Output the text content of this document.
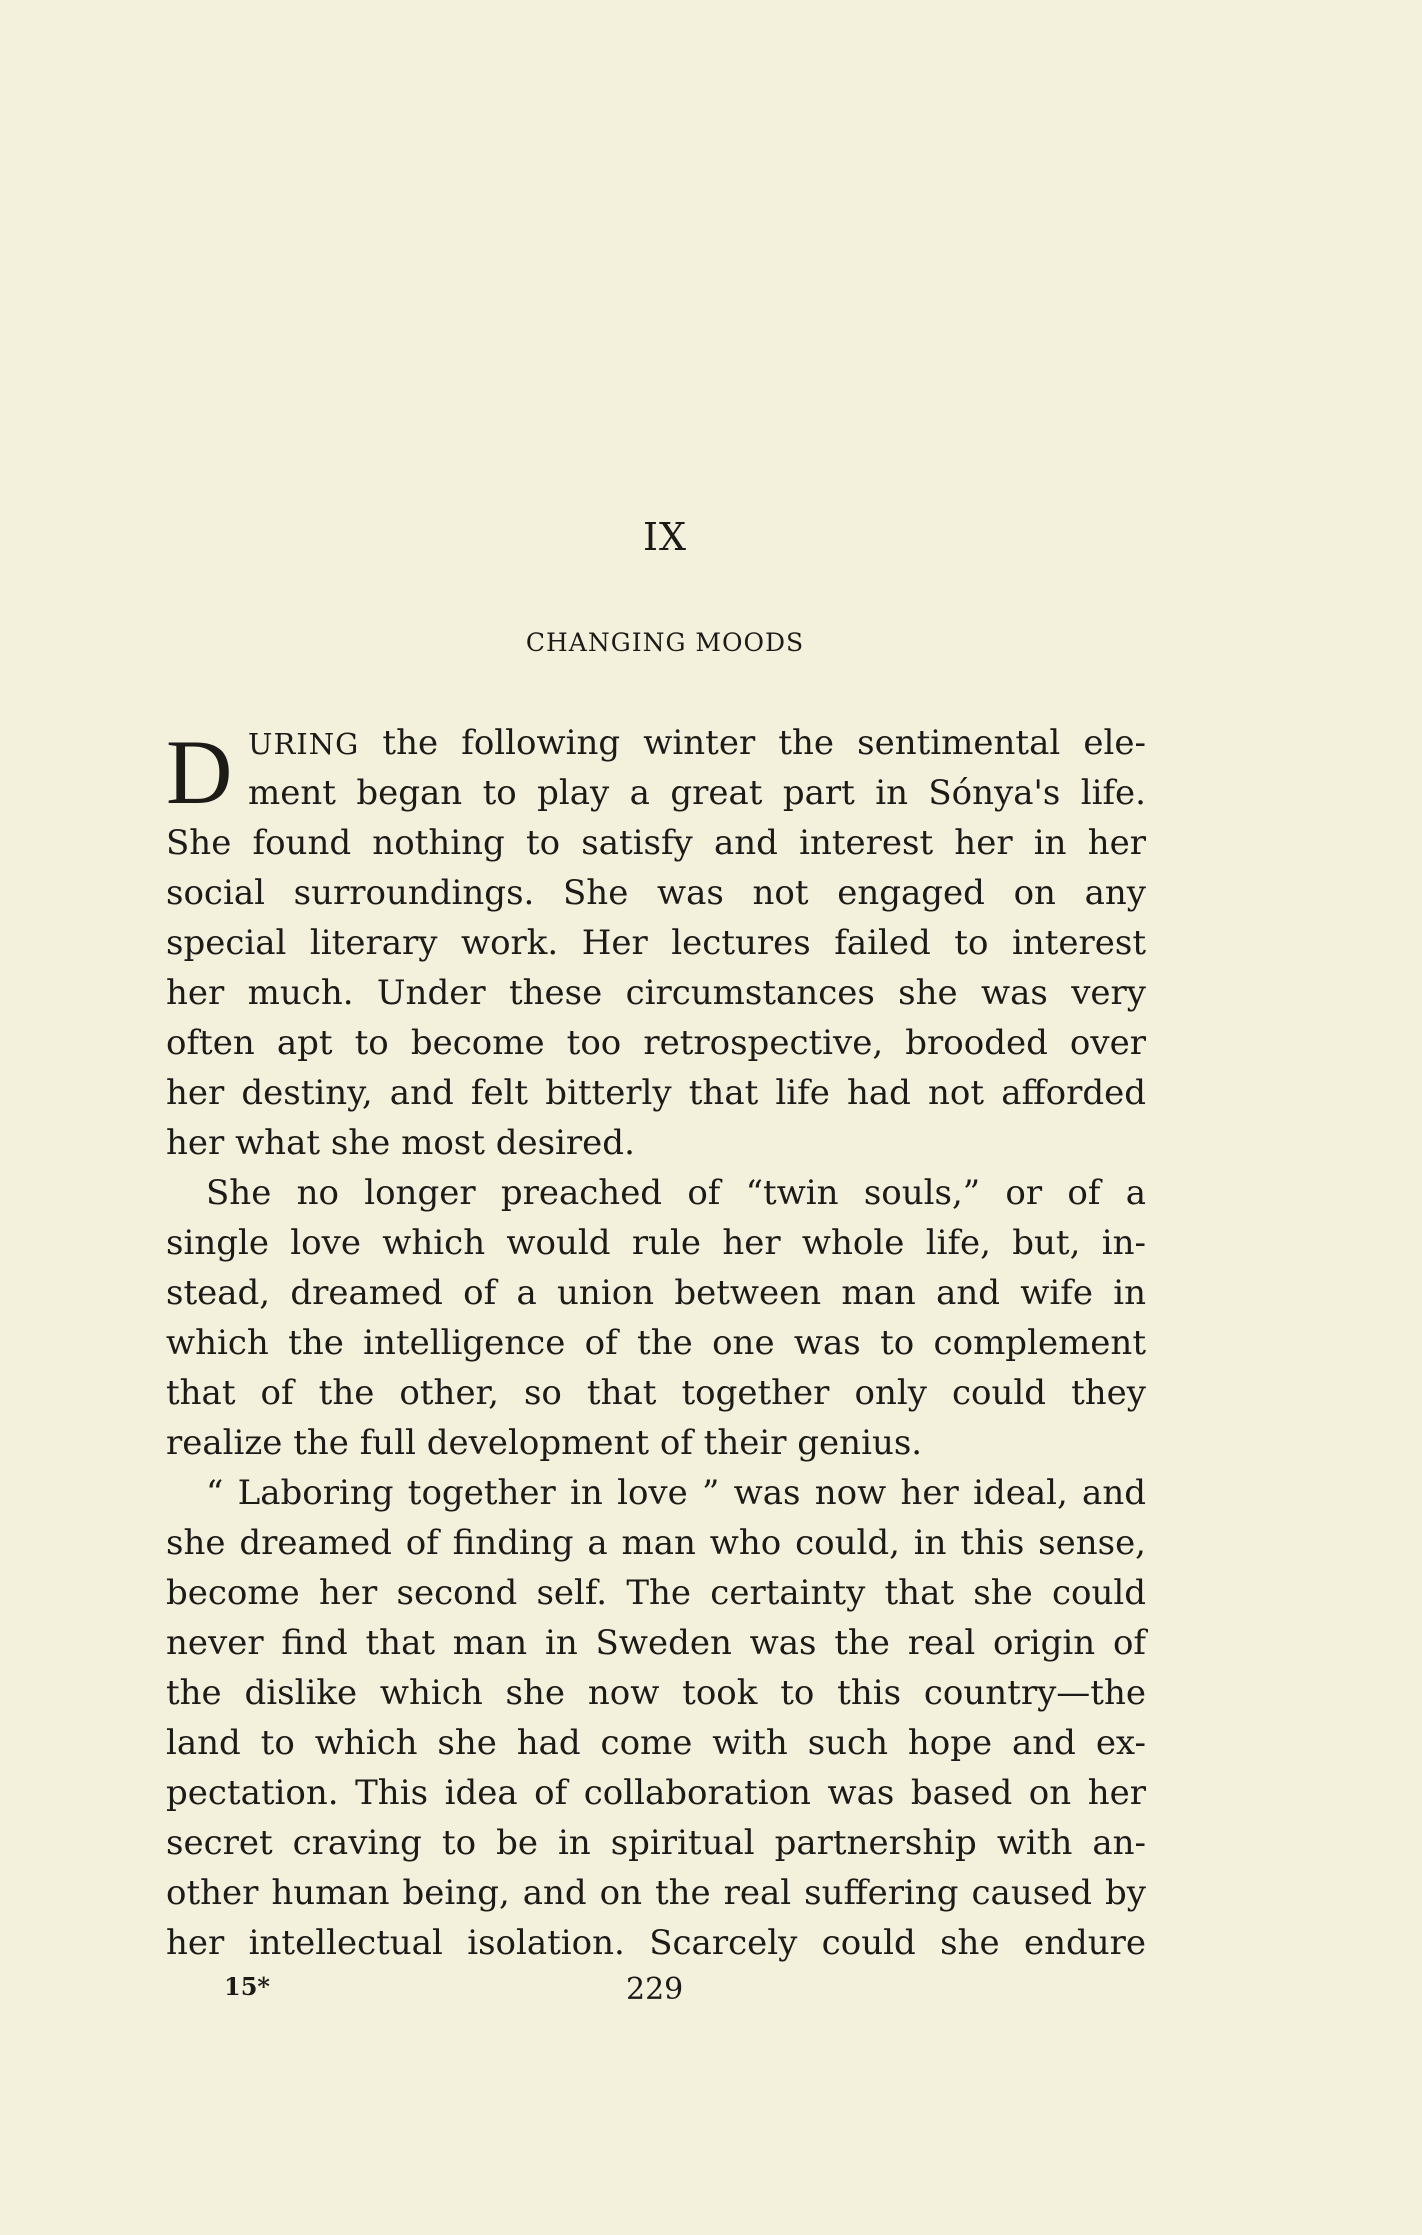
IX
CHANGING MOODS
D URING the following winter the sentimental ele-
ment began to play a great part in Sónya's life.
She found nothing to satisfy and interest her in her
social surroundings. She was not engaged on any
special literary work. Her lectures failed to interest
her much. Under these circumstances she was very
often apt to become too retrospective, brooded over
her destiny, and felt bitterly that life had not afforded
her what she most desired.
She no longer preached of “twin souls,” or of a
single love which would rule her whole life, but, in-
stead, dreamed of a union between man and wife in
which the intelligence of the one was to complement
that of the other, so that together only could they
realize the full development of their genius.
“ Laboring together in love ” was now her ideal, and
she dreamed of finding a man who could, in this sense,
become her second self. The certainty that she could
never find that man in Sweden was the real origin of
the dislike which she now took to this country—the
land to which she had come with such hope and ex-
pectation. This idea of collaboration was based on her
secret craving to be in spiritual partnership with an-
other human being, and on the real suffering caused by
her intellectual isolation. Scarcely could she endure
15*	229
